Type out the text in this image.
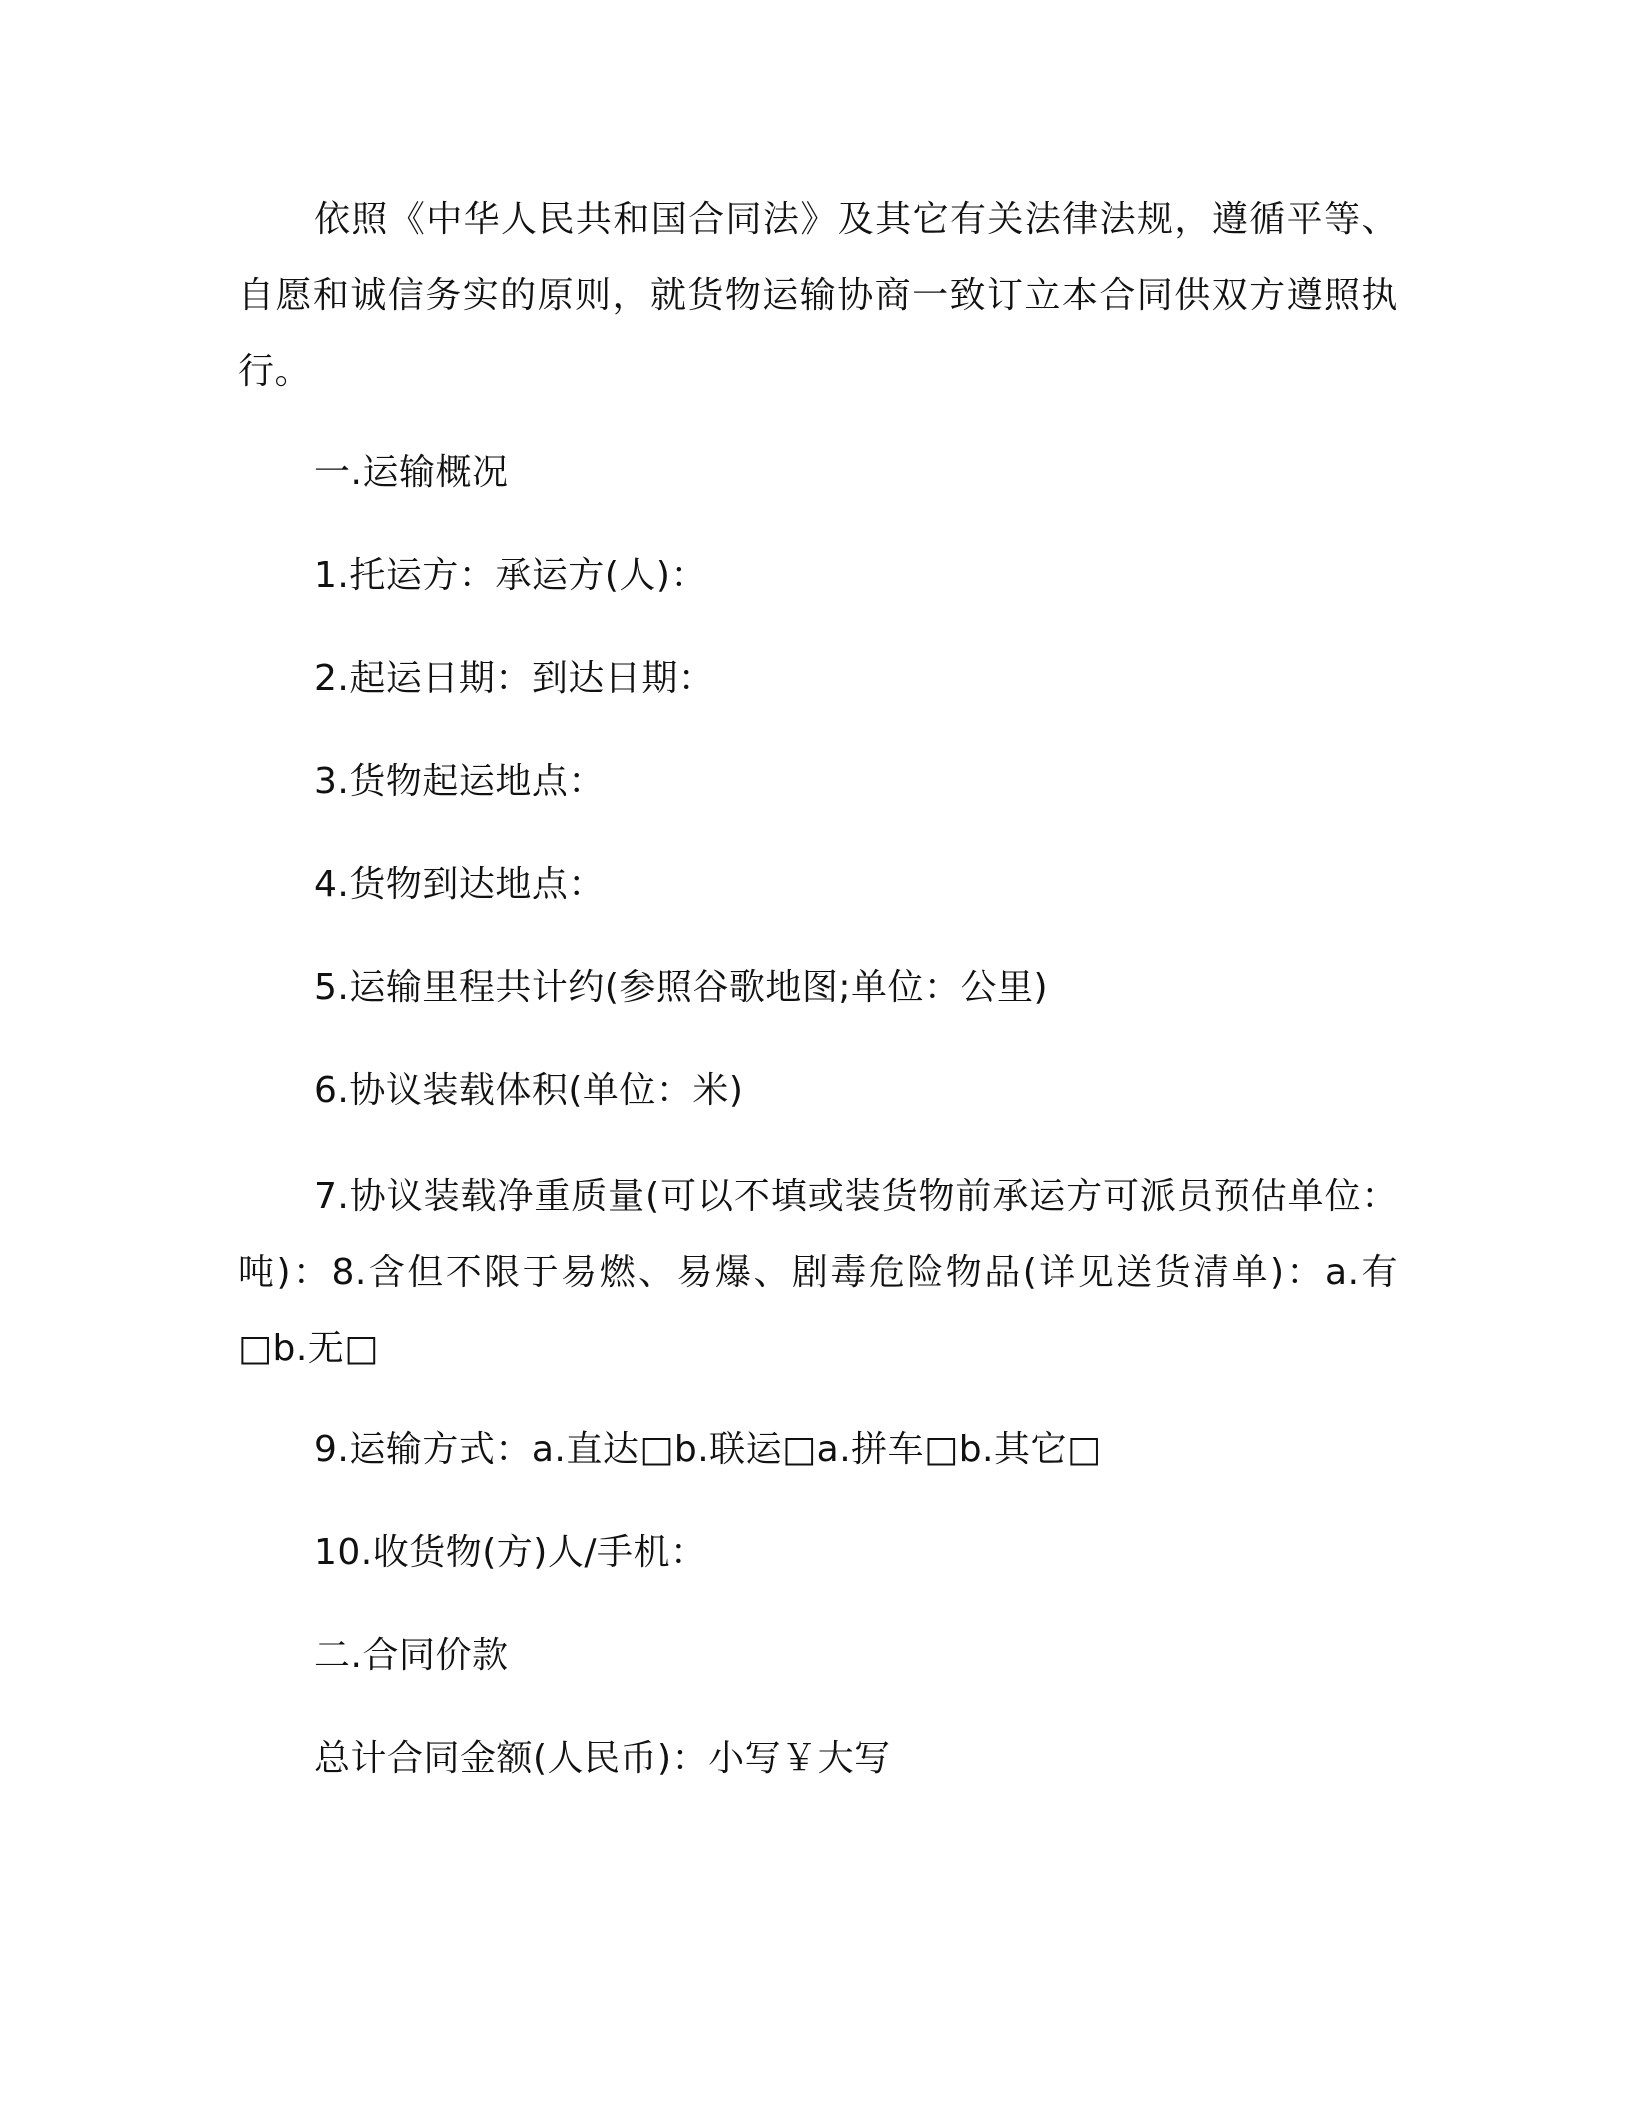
依照《中华人民共和国合同法》及其它有关法律法规，遵循平等、自愿和诚信务实的原则，就货物运输协商一致订立本合同供双方遵照执行。
一.运输概况
1.托运方：承运方(人)：
2.起运日期：到达日期：
3.货物起运地点：
4.货物到达地点：
5.运输里程共计约(参照谷歌地图;单位：公里)
6.协议装载体积(单位：米)
7.协议装载净重质量(可以不填或装货物前承运方可派员预估单位：吨)：8.含但不限于易燃、易爆、剧毒危险物品(详见送货清单)：a.有□b.无□
9.运输方式：a.直达□b.联运□a.拼车□b.其它□
10.收货物(方)人/手机：
二.合同价款
总计合同金额(人民币)：小写￥大写
